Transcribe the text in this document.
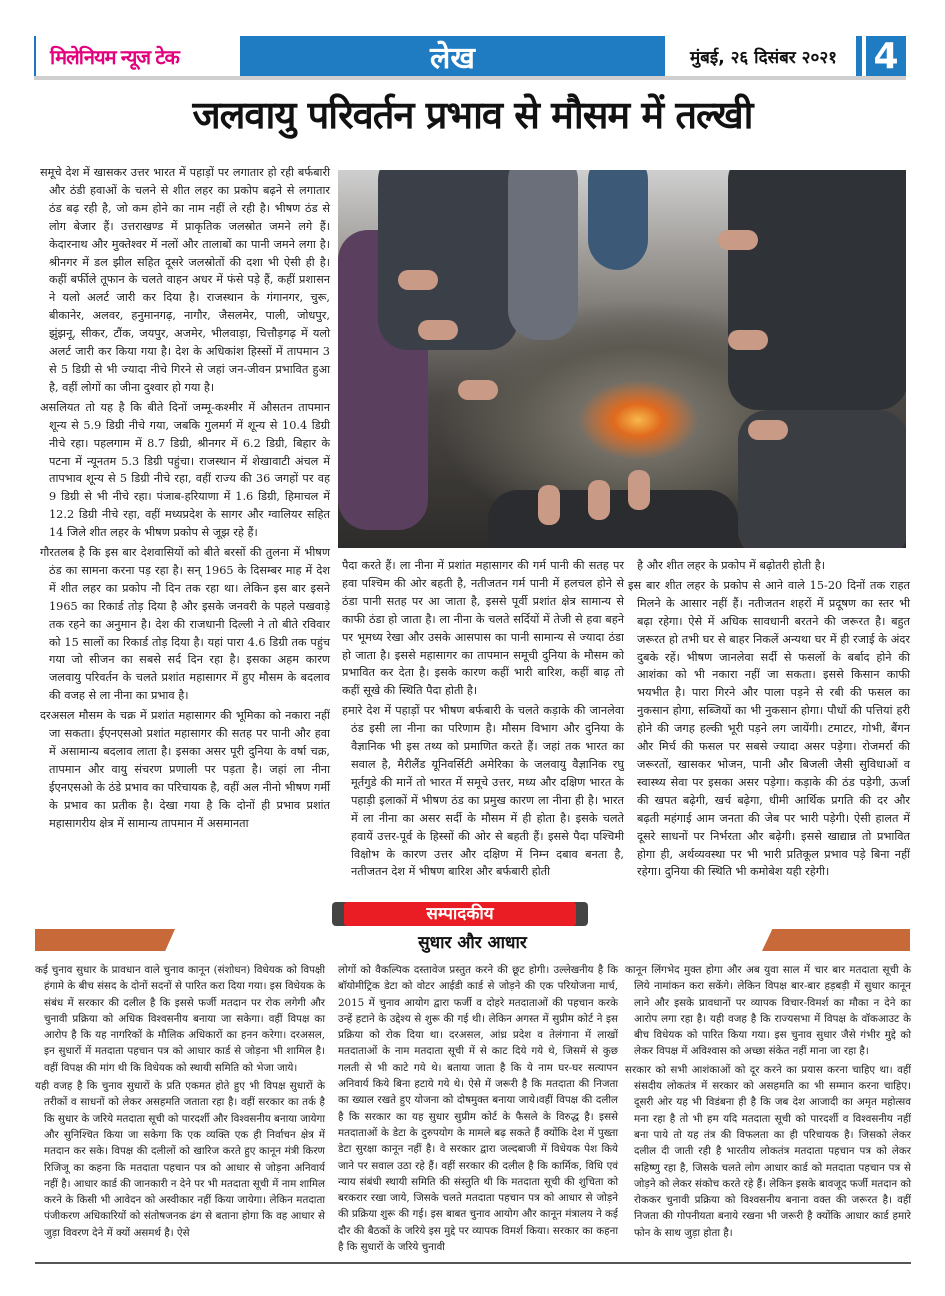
मिलेनियम न्यूज टेक	लेख	मुंबई, २६ दिसंबर २०२१	4
जलवायु परिवर्तन प्रभाव से मौसम में तल्खी

समूचे देश में खासकर उत्तर भारत में पहाड़ों पर लगातार हो रही बर्फबारी और ठंडी हवाओं के चलने से शीत लहर का प्रकोप बढ़ने से लगातार ठंड बढ़ रही है, जो कम होने का नाम नहीं ले रही है। भीषण ठंड से लोग बेजार हैं। उत्तराखण्ड में प्राकृतिक जलस्रोत जमने लगे हैं। केदारनाथ और मुक्तेश्वर में नलों और तालाबों का पानी जमने लगा है। श्रीनगर में डल झील सहित दूसरे जलस्रोतों की दशा भी ऐसी ही है। कहीं बर्फीले तूफान के चलते वाहन अधर में फंसे पड़े हैं, कहीं प्रशासन ने यलो अलर्ट जारी कर दिया है। राजस्थान के गंगानगर, चुरू, बीकानेर, अलवर, हनुमानगढ़, नागौर, जैसलमेर, पाली, जोधपुर, झुंझनू, सीकर, टौंक, जयपुर, अजमेर, भीलवाड़ा, चित्तौड़गढ़ में यलो अलर्ट जारी कर किया गया है। देश के अधिकांश हिस्सों में तापमान 3 से 5 डिग्री से भी ज्यादा नीचे गिरने से जहां जन-जीवन प्रभावित हुआ है, वहीं लोगों का जीना दुश्वार हो गया है।

असलियत तो यह है कि बीते दिनों जम्मू-कश्मीर में औसतन तापमान शून्य से 5.9 डिग्री नीचे गया, जबकि गुलमर्ग में शून्य से 10.4 डिग्री नीचे रहा। पहलगाम में 8.7 डिग्री, श्रीनगर में 6.2 डिग्री, बिहार के पटना में न्यूनतम 5.3 डिग्री पहुंचा। राजस्थान में शेखावाटी अंचल में तापभाव शून्य से 5 डिग्री नीचे रहा, वहीं राज्य की 36 जगहों पर वह 9 डिग्री से भी नीचे रहा। पंजाब-हरियाणा में 1.6 डिग्री, हिमाचल में 12.2 डिग्री नीचे रहा, वहीं मध्यप्रदेश के सागर और ग्वालियर सहित 14 जिले शीत लहर के भीषण प्रकोप से जूझ रहे हैं।

गौरतलब है कि इस बार देशवासियों को बीते बरसों की तुलना में भीषण ठंड का सामना करना पड़ रहा है। सन् 1965 के दिसम्बर माह में देश में शीत लहर का प्रकोप नौ दिन तक रहा था। लेकिन इस बार इसने 1965 का रिकार्ड तोड़ दिया है और इसके जनवरी के पहले पखवाड़े तक रहने का अनुमान है। देश की राजधानी दिल्ली ने तो बीते रविवार को 15 सालों का रिकार्ड तोड़ दिया है। यहां पारा 4.6 डिग्री तक पहुंच गया जो सीजन का सबसे सर्द दिन रहा है। इसका अहम कारण जलवायु परिवर्तन के चलते प्रशांत महासागर में हुए मौसम के बदलाव की वजह से ला नीना का प्रभाव है।

दरअसल मौसम के चक्र में प्रशांत महासागर की भूमिका को नकारा नहीं जा सकता। ईएनएसओ प्रशांत महासागर की सतह पर पानी और हवा में असामान्य बदलाव लाता है। इसका असर पूरी दुनिया के वर्षा चक्र, तापमान और वायु संचरण प्रणाली पर पड़ता है। जहां ला नीना ईएनएसओ के ठंडे प्रभाव का परिचायक है, वहीं अल नीनो भीषण गर्मी के प्रभाव का प्रतीक है। देखा गया है कि दोनों ही प्रभाव प्रशांत महासागरीय क्षेत्र में सामान्य तापमान में असमानता

पैदा करते हैं। ला नीना में प्रशांत महासागर की गर्म पानी की सतह पर हवा पश्चिम की ओर बहती है, नतीजतन गर्म पानी में हलचल होने से ठंडा पानी सतह पर आ जाता है, इससे पूर्वी प्रशांत क्षेत्र सामान्य से काफी ठंडा हो जाता है। ला नीना के चलते सर्दियों में तेजी से हवा बहने पर भूमध्य रेखा और उसके आसपास का पानी सामान्य से ज्यादा ठंडा हो जाता है। इससे महासागर का तापमान समूची दुनिया के मौसम को प्रभावित कर देता है। इसके कारण कहीं भारी बारिश, कहीं बाढ़ तो कहीं सूखे की स्थिति पैदा होती है।

हमारे देश में पहाड़ों पर भीषण बर्फबारी के चलते कड़ाके की जानलेवा ठंड इसी ला नीना का परिणाम है। मौसम विभाग और दुनिया के वैज्ञानिक भी इस तथ्य को प्रमाणित करते हैं। जहां तक भारत का सवाल है, मैरीलैंड यूनिवर्सिटी अमेरिका के जलवायु वैज्ञानिक रघु मूर्तगुडे की मानें तो भारत में समूचे उत्तर, मध्य और दक्षिण भारत के पहाड़ी इलाकों में भीषण ठंड का प्रमुख कारण ला नीना ही है। भारत में ला नीना का असर सर्दी के मौसम में ही होता है। इसके चलते हवायें उत्तर-पूर्व के हिस्सों की ओर से बहती हैं। इससे पैदा पश्चिमी विक्षोभ के कारण उत्तर और दक्षिण में निम्न दबाव बनता है, नतीजतन देश में भीषण बारिश और बर्फबारी होती

है और शीत लहर के प्रकोप में बढ़ोतरी होती है।

इस बार शीत लहर के प्रकोप से आने वाले 15-20 दिनों तक राहत मिलने के आसार नहीं हैं। नतीजतन शहरों में प्रदूषण का स्तर भी बढ़ा रहेगा। ऐसे में अधिक सावधानी बरतने की जरूरत है। बहुत जरूरत हो तभी घर से बाहर निकलें अन्यथा घर में ही रजाई के अंदर दुबके रहें। भीषण जानलेवा सर्दी से फसलों के बर्बाद होने की आशंका को भी नकारा नहीं जा सकता। इससे किसान काफी भयभीत है। पारा गिरने और पाला पड़ने से रबी की फसल का नुकसान होगा, सब्जियों का भी नुकसान होगा। पौधों की पत्तियां हरी होने की जगह हल्की भूरी पड़ने लग जायेंगी। टमाटर, गोभी, बैंगन और मिर्च की फसल पर सबसे ज्यादा असर पड़ेगा। रोजमर्रा की जरूरतों, खासकर भोजन, पानी और बिजली जैसी सुविधाओं व स्वास्थ्य सेवा पर इसका असर पड़ेगा। कड़ाके की ठंड पड़ेगी, ऊर्जा की खपत बढ़ेगी, खर्च बढ़ेगा, धीमी आर्थिक प्रगति की दर और बढ़ती महंगाई आम जनता की जेब पर भारी पड़ेगी। ऐसी हालत में दूसरे साधनों पर निर्भरता और बढ़ेगी। इससे खाद्यान्न तो प्रभावित होगा ही, अर्थव्यवस्था पर भी भारी प्रतिकूल प्रभाव पड़े बिना नहीं रहेगा। दुनिया की स्थिति भी कमोबेश यही रहेगी।

सम्पादकीय
सुधार और आधार

कई चुनाव सुधार के प्रावधान वाले चुनाव कानून (संशोधन) विधेयक को विपक्षी हंगामे के बीच संसद के दोनों सदनों से पारित करा दिया गया। इस विधेयक के संबंध में सरकार की दलील है कि इससे फर्जी मतदान पर रोक लगेगी और चुनावी प्रक्रिया को अधिक विश्वसनीय बनाया जा सकेगा। वहीं विपक्ष का आरोप है कि यह नागरिकों के मौलिक अधिकारों का हनन करेगा। दरअसल, इन सुधारों में मतदाता पहचान पत्र को आधार कार्ड से जोड़ना भी शामिल है। वहीं विपक्ष की मांग थी कि विधेयक को स्थायी समिति को भेजा जाये।

यही वजह है कि चुनाव सुधारों के प्रति एकमत होते हुए भी विपक्ष सुधारों के तरीकों व साधनों को लेकर असहमति जताता रहा है। वहीं सरकार का तर्क है कि सुधार के जरिये मतदाता सूची को पारदर्शी और विश्वसनीय बनाया जायेगा और सुनिश्चित किया जा सकेगा कि एक व्यक्ति एक ही निर्वाचन क्षेत्र में मतदान कर सके। विपक्ष की दलीलों को खारिज करते हुए कानून मंत्री किरण रिजिजू का कहना कि मतदाता पहचान पत्र को आधार से जोड़ना अनिवार्य नहीं है। आधार कार्ड की जानकारी न देने पर भी मतदाता सूची में नाम शामिल करने के किसी भी आवेदन को अस्वीकार नहीं किया जायेगा। लेकिन मतदाता पंजीकरण अधिकारियों को संतोषजनक ढंग से बताना होगा कि वह आधार से जुड़ा विवरण देने में क्यों असमर्थ है। ऐसे

लोगों को वैकल्पिक दस्तावेज प्रस्तुत करने की छूट होगी। उल्लेखनीय है कि बॉयोमीट्रिक डेटा को वोटर आईडी कार्ड से जोड़ने की एक परियोजना मार्च, 2015 में चुनाव आयोग द्वारा फर्जी व दोहरे मतदाताओं की पहचान करके उन्हें हटाने के उद्देश्य से शुरू की गई थी। लेकिन अगस्त में सुप्रीम कोर्ट ने इस प्रक्रिया को रोक दिया था। दरअसल, आंध्र प्रदेश व तेलंगाना में लाखों मतदाताओं के नाम मतदाता सूची में से काट दिये गये थे, जिसमें से कुछ गलती से भी काटे गये थे। बताया जाता है कि ये नाम घर-घर सत्यापन अनिवार्य किये बिना हटाये गये थे। ऐसे में जरूरी है कि मतदाता की निजता का ख्याल रखते हुए योजना को दोषमुक्त बनाया जाये।वहीं विपक्ष की दलील है कि सरकार का यह सुधार सुप्रीम कोर्ट के फैसले के विरुद्ध है। इससे मतदाताओं के डेटा के दुरुपयोग के मामले बढ़ सकते हैं क्योंकि देश में पुख्ता डेटा सुरक्षा कानून नहीं है। वे सरकार द्वारा जल्दबाजी में विधेयक पेश किये जाने पर सवाल उठा रहे हैं। वहीं सरकार की दलील है कि कार्मिक, विधि एवं न्याय संबंधी स्थायी समिति की संस्तुति थी कि मतदाता सूची की शुचिता को बरकरार रखा जाये, जिसके चलते मतदाता पहचान पत्र को आधार से जोड़ने की प्रक्रिया शुरू की गई। इस बाबत चुनाव आयोग और कानून मंत्रालय ने कई दौर की बैठकों के जरिये इस मुद्दे पर व्यापक विमर्श किया। सरकार का कहना है कि सुधारों के जरिये चुनावी

कानून लिंगभेद मुक्त होगा और अब युवा साल में चार बार मतदाता सूची के लिये नामांकन करा सकेंगे। लेकिन विपक्ष बार-बार हड़बड़ी में सुधार कानून लाने और इसके प्रावधानों पर व्यापक विचार-विमर्श का मौका न देने का आरोप लगा रहा है। यही वजह है कि राज्यसभा में विपक्ष के वॉकआउट के बीच विधेयक को पारित किया गया। इस चुनाव सुधार जैसे गंभीर मुद्दे को लेकर विपक्ष में अविश्वास को अच्छा संकेत नहीं माना जा रहा है।

सरकार को सभी आशंकाओं को दूर करने का प्रयास करना चाहिए था। वहीं संसदीय लोकतंत्र में सरकार को असहमति का भी सम्मान करना चाहिए। दूसरी ओर यह भी विडंबना ही है कि जब देश आजादी का अमृत महोत्सव मना रहा है तो भी हम यदि मतदाता सूची को पारदर्शी व विश्वसनीय नहीं बना पाये तो यह तंत्र की विफलता का ही परिचायक है। जिसको लेकर दलील दी जाती रही है भारतीय लोकतंत्र मतदाता पहचान पत्र को लेकर सहिष्णु रहा है, जिसके चलते लोग आधार कार्ड को मतदाता पहचान पत्र से जोड़ने को लेकर संकोच करते रहे हैं। लेकिन इसके बावजूद फर्जी मतदान को रोककर चुनावी प्रक्रिया को विश्वसनीय बनाना वक्त की जरूरत है। वहीं निजता की गोपनीयता बनाये रखना भी जरूरी है क्योंकि आधार कार्ड हमारे फोन के साथ जुड़ा होता है।
